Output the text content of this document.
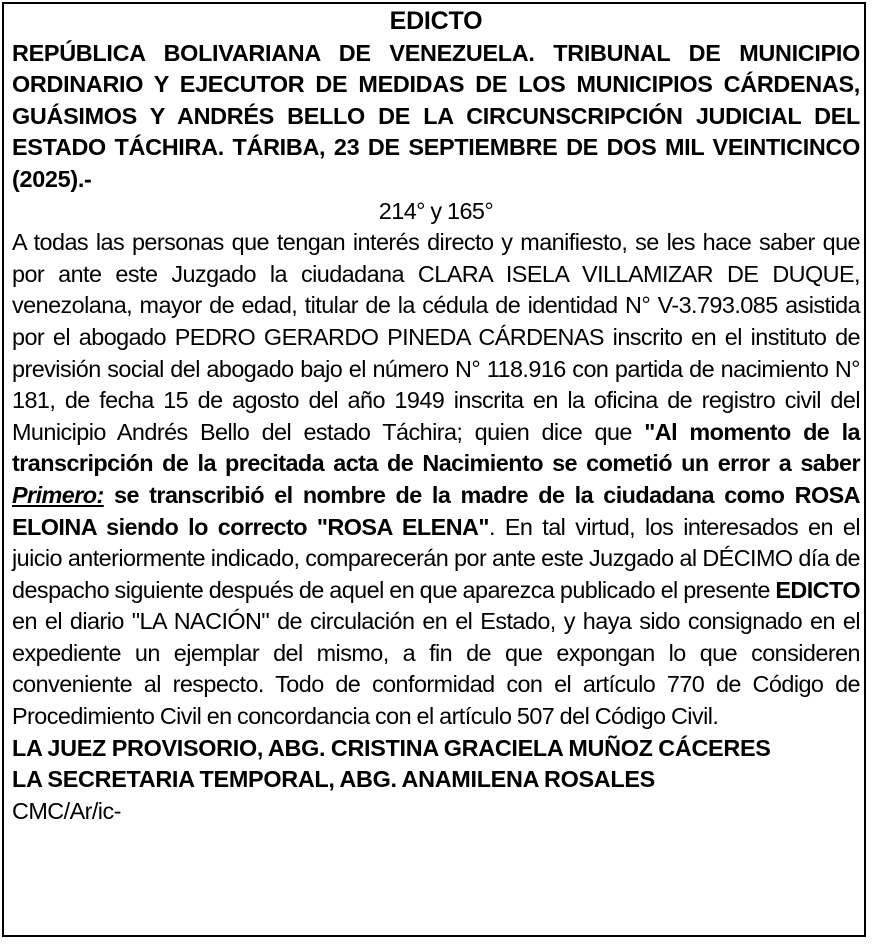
EDICTO

REPÚBLICA BOLIVARIANA DE VENEZUELA. TRIBUNAL DE MUNICIPIO ORDINARIO Y EJECUTOR DE MEDIDAS DE LOS MUNICIPIOS CÁRDENAS, GUÁSIMOS Y ANDRÉS BELLO DE LA CIRCUNSCRIPCIÓN JUDICIAL DEL ESTADO TÁCHIRA. TÁRIBA, 23 DE SEPTIEMBRE DE DOS MIL VEINTICINCO (2025).-

214° y 165°

A todas las personas que tengan interés directo y manifiesto, se les hace saber que por ante este Juzgado la ciudadana CLARA ISELA VILLAMIZAR DE DUQUE, venezolana, mayor de edad, titular de la cédula de identidad N° V-3.793.085 asistida por el abogado PEDRO GERARDO PINEDA CÁRDENAS inscrito en el instituto de previsión social del abogado bajo el número N° 118.916 con partida de nacimiento N° 181, de fecha 15 de agosto del año 1949 inscrita en la oficina de registro civil del Municipio Andrés Bello del estado Táchira; quien dice que "Al momento de la transcripción de la precitada acta de Nacimiento se cometió un error a saber Primero: se transcribió el nombre de la madre de la ciudadana como ROSA ELOINA siendo lo correcto "ROSA ELENA". En tal virtud, los interesados en el juicio anteriormente indicado, comparecerán por ante este Juzgado al DÉCIMO día de despacho siguiente después de aquel en que aparezca publicado el presente EDICTO en el diario "LA NACIÓN" de circulación en el Estado, y haya sido consignado en el expediente un ejemplar del mismo, a fin de que expongan lo que consideren conveniente al respecto. Todo de conformidad con el artículo 770 de Código de Procedimiento Civil en concordancia con el artículo 507 del Código Civil.

LA JUEZ PROVISORIO, ABG. CRISTINA GRACIELA MUÑOZ CÁCERES

LA SECRETARIA TEMPORAL, ABG. ANAMILENA ROSALES

CMC/Ar/ic-
